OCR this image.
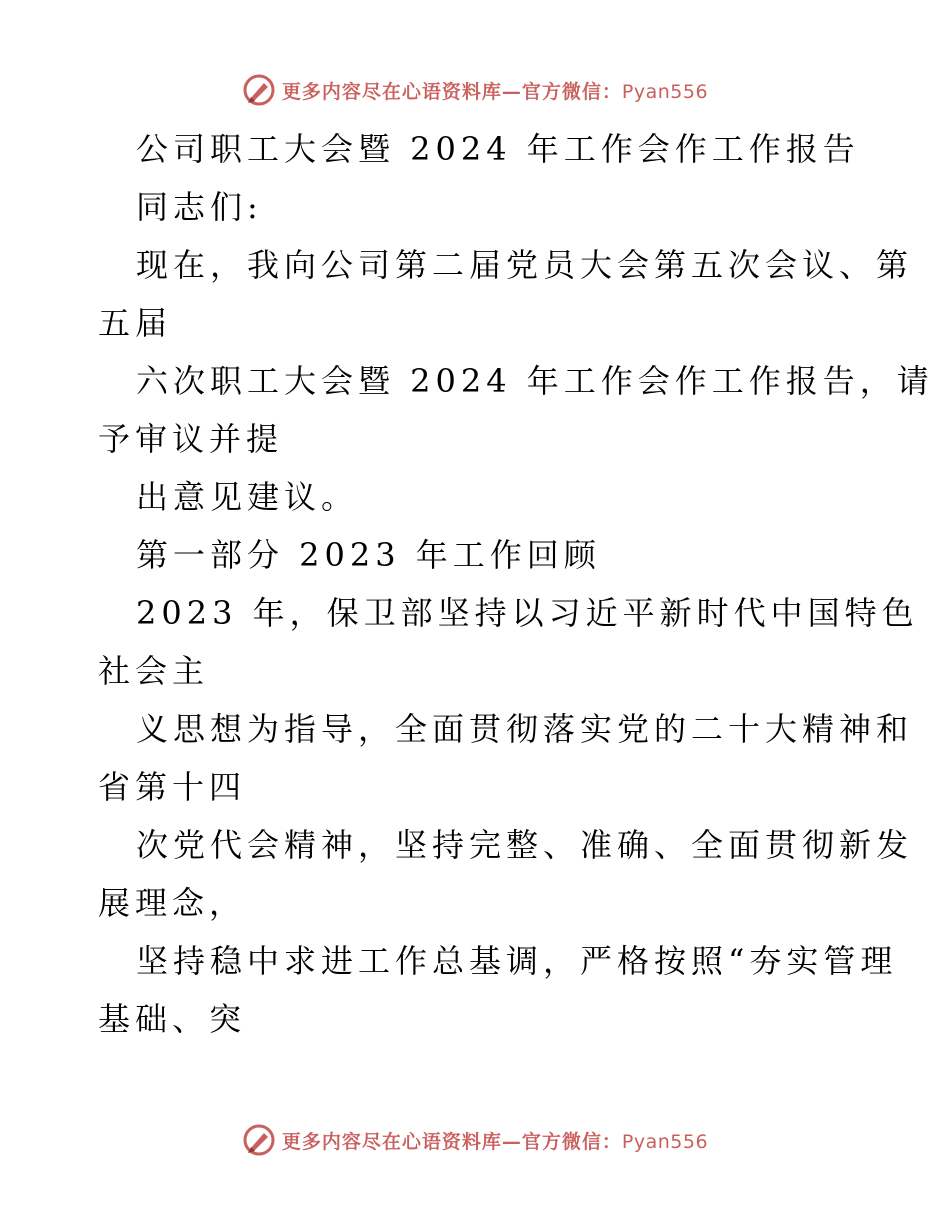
更多内容尽在心语资料库—官方微信：Pyan556
公司职工大会暨 2024 年工作会作工作报告
同志们:
现在，我向公司第二届党员大会第五次会议、第
五届
六次职工大会暨 2024 年工作会作工作报告，请
予审议并提
出意见建议。
第一部分 2023 年工作回顾
2023 年，保卫部坚持以习近平新时代中国特色
社会主
义思想为指导，全面贯彻落实党的二十大精神和
省第十四
次党代会精神，坚持完整、准确、全面贯彻新发
展理念，
坚持稳中求进工作总基调，严格按照“夯实管理
基础、突
更多内容尽在心语资料库—官方微信：Pyan556
